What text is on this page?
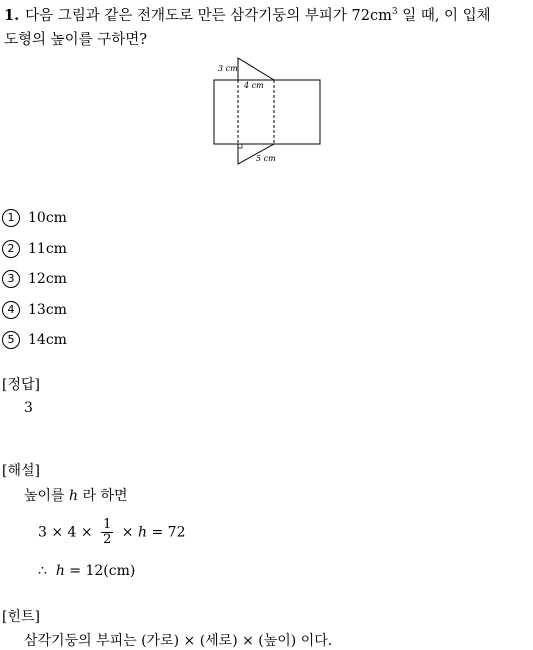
1. 다음 그림과 같은 전개도로 만든 삼각기둥의 부피가 $72cm^3$ 일 때, 이 입체
도형의 높이를 구하면?
3 cm
4 cm
5 cm
1 10cm
2 11cm
3 12cm
4 13cm
5 14cm
[정답]
3
[해설]
높이를 h 라 하면
$3 \times 4 \times \frac{1}{2} \times h = 72$
∴ h = 12(cm)
[힌트]
삼각기둥의 부피는 (가로) × (세로) × (높이) 이다.
